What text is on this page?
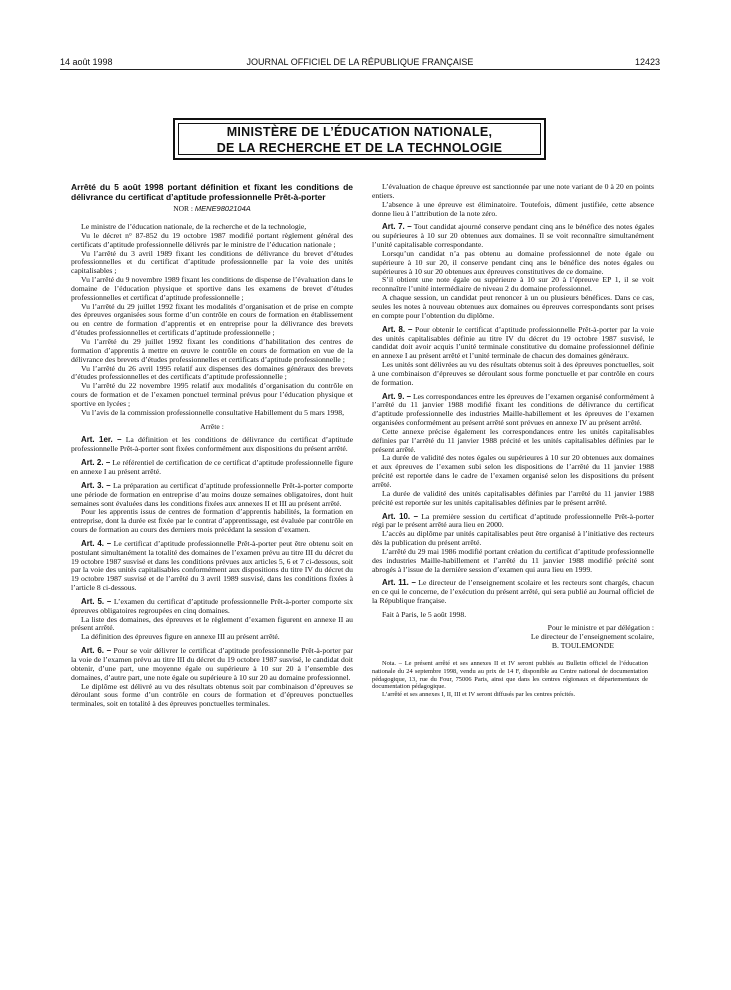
14 août 1998	JOURNAL OFFICIEL DE LA RÉPUBLIQUE FRANÇAISE	12423
MINISTÈRE DE L’ÉDUCATION NATIONALE,
DE LA RECHERCHE ET DE LA TECHNOLOGIE

Arrêté du 5 août 1998 portant définition et fixant les conditions de délivrance du certificat d’aptitude professionnelle Prêt-à-porter

NOR : MENE9802104A

Le ministre de l’éducation nationale, de la recherche et de la technologie,

Vu le décret n° 87-852 du 19 octobre 1987 modifié portant règlement général des certificats d’aptitude professionnelle délivrés par le ministre de l’éducation nationale ;

Vu l’arrêté du 3 avril 1989 fixant les conditions de délivrance du brevet d’études professionnelles et du certificat d’aptitude professionnelle par la voie des unités capitalisables ;

Vu l’arrêté du 9 novembre 1989 fixant les conditions de dispense de l’évaluation dans le domaine de l’éducation physique et sportive dans les examens de brevet d’études professionnelles et certificat d’aptitude professionnelle ;

Vu l’arrêté du 29 juillet 1992 fixant les modalités d’organisation et de prise en compte des épreuves organisées sous forme d’un contrôle en cours de formation en établissement ou en centre de formation d’apprentis et en entreprise pour la délivrance des brevets d’études professionnelles et certificats d’aptitude professionnelle ;

Vu l’arrêté du 29 juillet 1992 fixant les conditions d’habilitation des centres de formation d’apprentis à mettre en œuvre le contrôle en cours de formation en vue de la délivrance des brevets d’études professionnelles et certificats d’aptitude professionnelle ;

Vu l’arrêté du 26 avril 1995 relatif aux dispenses des domaines généraux des brevets d’études professionnelles et des certificats d’aptitude professionnelle ;

Vu l’arrêté du 22 novembre 1995 relatif aux modalités d’organisation du contrôle en cours de formation et de l’examen ponctuel terminal prévus pour l’éducation physique et sportive en lycées ;

Vu l’avis de la commission professionnelle consultative Habillement du 5 mars 1998,

Arrête :

Art. 1er. – La définition et les conditions de délivrance du certificat d’aptitude professionnelle Prêt-à-porter sont fixées conformément aux dispositions du présent arrêté.

Art. 2. – Le référentiel de certification de ce certificat d’aptitude professionnelle figure en annexe I au présent arrêté.

Art. 3. – La préparation au certificat d’aptitude professionnelle Prêt-à-porter comporte une période de formation en entreprise d’au moins douze semaines obligatoires, dont huit semaines sont évaluées dans les conditions fixées aux annexes II et III au présent arrêté.

Pour les apprentis issus de centres de formation d’apprentis habilités, la formation en entreprise, dont la durée est fixée par le contrat d’apprentissage, est évaluée par contrôle en cours de formation au cours des derniers mois précédant la session d’examen.

Art. 4. – Le certificat d’aptitude professionnelle Prêt-à-porter peut être obtenu soit en postulant simultanément la totalité des domaines de l’examen prévu au titre III du décret du 19 octobre 1987 susvisé et dans les conditions prévues aux articles 5, 6 et 7 ci-dessous, soit par la voie des unités capitalisables conformément aux dispositions du titre IV du décret du 19 octobre 1987 susvisé et de l’arrêté du 3 avril 1989 susvisé, dans les conditions fixées à l’article 8 ci-dessous.

Art. 5. – L’examen du certificat d’aptitude professionnelle Prêt-à-porter comporte six épreuves obligatoires regroupées en cinq domaines.

La liste des domaines, des épreuves et le règlement d’examen figurent en annexe II au présent arrêté.

La définition des épreuves figure en annexe III au présent arrêté.

Art. 6. – Pour se voir délivrer le certificat d’aptitude professionnelle Prêt-à-porter par la voie de l’examen prévu au titre III du décret du 19 octobre 1987 susvisé, le candidat doit obtenir, d’une part, une moyenne égale ou supérieure à 10 sur 20 à l’ensemble des domaines, d’autre part, une note égale ou supérieure à 10 sur 20 au domaine professionnel.

Le diplôme est délivré au vu des résultats obtenus soit par combinaison d’épreuves se déroulant sous forme d’un contrôle en cours de formation et d’épreuves ponctuelles terminales, soit en totalité à des épreuves ponctuelles terminales.

L’évaluation de chaque épreuve est sanctionnée par une note variant de 0 à 20 en points entiers.

L’absence à une épreuve est éliminatoire. Toutefois, dûment justifiée, cette absence donne lieu à l’attribution de la note zéro.

Art. 7. – Tout candidat ajourné conserve pendant cinq ans le bénéfice des notes égales ou supérieures à 10 sur 20 obtenues aux domaines. Il se voit reconnaître simultanément l’unité capitalisable correspondante.

Lorsqu’un candidat n’a pas obtenu au domaine professionnel de note égale ou supérieure à 10 sur 20, il conserve pendant cinq ans le bénéfice des notes égales ou supérieures à 10 sur 20 obtenues aux épreuves constitutives de ce domaine.

S’il obtient une note égale ou supérieure à 10 sur 20 à l’épreuve EP 1, il se voit reconnaître l’unité intermédiaire de niveau 2 du domaine professionnel.

A chaque session, un candidat peut renoncer à un ou plusieurs bénéfices. Dans ce cas, seules les notes à nouveau obtenues aux domaines ou épreuves correspondants sont prises en compte pour l’obtention du diplôme.

Art. 8. – Pour obtenir le certificat d’aptitude professionnelle Prêt-à-porter par la voie des unités capitalisables définie au titre IV du décret du 19 octobre 1987 susvisé, le candidat doit avoir acquis l’unité terminale constitutive du domaine professionnel définie en annexe I au présent arrêté et l’unité terminale de chacun des domaines généraux.

Les unités sont délivrées au vu des résultats obtenus soit à des épreuves ponctuelles, soit à une combinaison d’épreuves se déroulant sous forme ponctuelle et par contrôle en cours de formation.

Art. 9. – Les correspondances entre les épreuves de l’examen organisé conformément à l’arrêté du 11 janvier 1988 modifié fixant les conditions de délivrance du certificat d’aptitude professionnelle des industries Maille-habillement et les épreuves de l’examen organisées conformément au présent arrêté sont prévues en annexe IV au présent arrêté.

Cette annexe précise également les correspondances entre les unités capitalisables définies par l’arrêté du 11 janvier 1988 précité et les unités capitalisables définies par le présent arrêté.

La durée de validité des notes égales ou supérieures à 10 sur 20 obtenues aux domaines et aux épreuves de l’examen subi selon les dispositions de l’arrêté du 11 janvier 1988 précité est reportée dans le cadre de l’examen organisé selon les dispositions du présent arrêté.

La durée de validité des unités capitalisables définies par l’arrêté du 11 janvier 1988 précité est reportée sur les unités capitalisables définies par le présent arrêté.

Art. 10. – La première session du certificat d’aptitude professionnelle Prêt-à-porter régi par le présent arrêté aura lieu en 2000.

L’accès au diplôme par unités capitalisables peut être organisé à l’initiative des recteurs dès la publication du présent arrêté.

L’arrêté du 29 mai 1986 modifié portant création du certificat d’aptitude professionnelle des industries Maille-habillement et l’arrêté du 11 janvier 1988 modifié précité sont abrogés à l’issue de la dernière session d’examen qui aura lieu en 1999.

Art. 11. – Le directeur de l’enseignement scolaire et les recteurs sont chargés, chacun en ce qui le concerne, de l’exécution du présent arrêté, qui sera publié au Journal officiel de la République française.

Fait à Paris, le 5 août 1998.

Pour le ministre et par délégation :

Le directeur de l’enseignement scolaire,

B. TOULEMONDE

Nota. – Le présent arrêté et ses annexes II et IV seront publiés au Bulletin officiel de l’éducation nationale du 24 septembre 1998, vendu au prix de 14 F, disponible au Centre national de documentation pédagogique, 13, rue du Four, 75006 Paris, ainsi que dans les centres régionaux et départementaux de documentation pédagogique.

L’arrêté et ses annexes I, II, III et IV seront diffusés par les centres précités.
